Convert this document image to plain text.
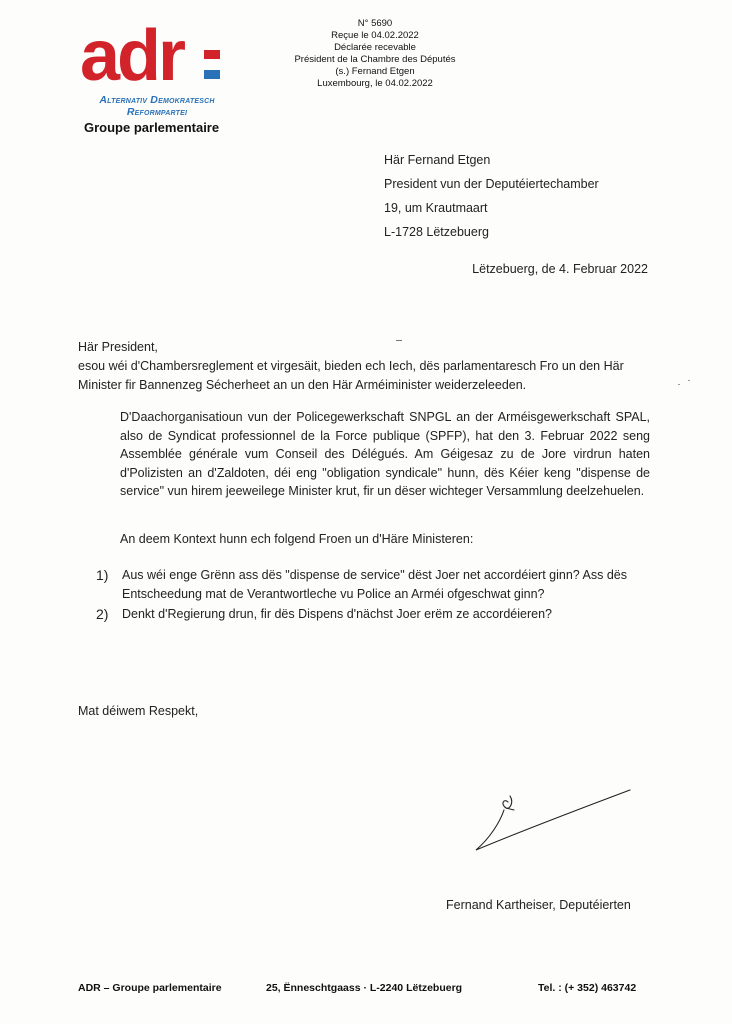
adr
Alternativ Demokratesch
Reformpartei
Groupe parlementaire
N° 5690
Reçue le 04.02.2022
Déclarée recevable
Président de la Chambre des Députés
(s.) Fernand Etgen
Luxembourg, le 04.02.2022
Här Fernand Etgen
President vun der Deputéiertechamber
19, um Krautmaart
L-1728 Lëtzebuerg
Lëtzebuerg, de 4. Februar 2022
Här President,
esou wéi d'Chambersreglement et virgesäit, bieden ech Iech, dës parlamentaresch Fro un den Här Minister fir Bannenzeg Sécherheet an un den Här Arméiminister weiderzeleeden.
D'Daachorganisatioun vun der Policegewerkschaft SNPGL an der Arméisgewerkschaft SPAL, also de Syndicat professionnel de la Force publique (SPFP), hat den 3. Februar 2022 seng Assemblée générale vum Conseil des Délégués. Am Géigesaz zu de Jore virdrun haten d'Polizisten an d'Zaldoten, déi eng "obligation syndicale" hunn, dës Kéier keng "dispense de service" vun hirem jeeweilege Minister krut, fir un dëser wichteger Versammlung deelzehuelen.
An deem Kontext hunn ech folgend Froen un d'Häre Ministeren:
1)	Aus wéi enge Grënn ass dës "dispense de service" dëst Joer net accordéiert ginn? Ass dës Entscheedung mat de Verantwortleche vu Police an Arméi ofgeschwat ginn?
2)	Denkt d'Regierung drun, fir dës Dispens d'nächst Joer erëm ze accordéieren?
Mat déiwem Respekt,
Fernand Kartheiser, Deputéierten
ADR – Groupe parlementaire	25, Ënneschtgaass · L-2240 Lëtzebuerg	Tel. : (+ 352) 463742
